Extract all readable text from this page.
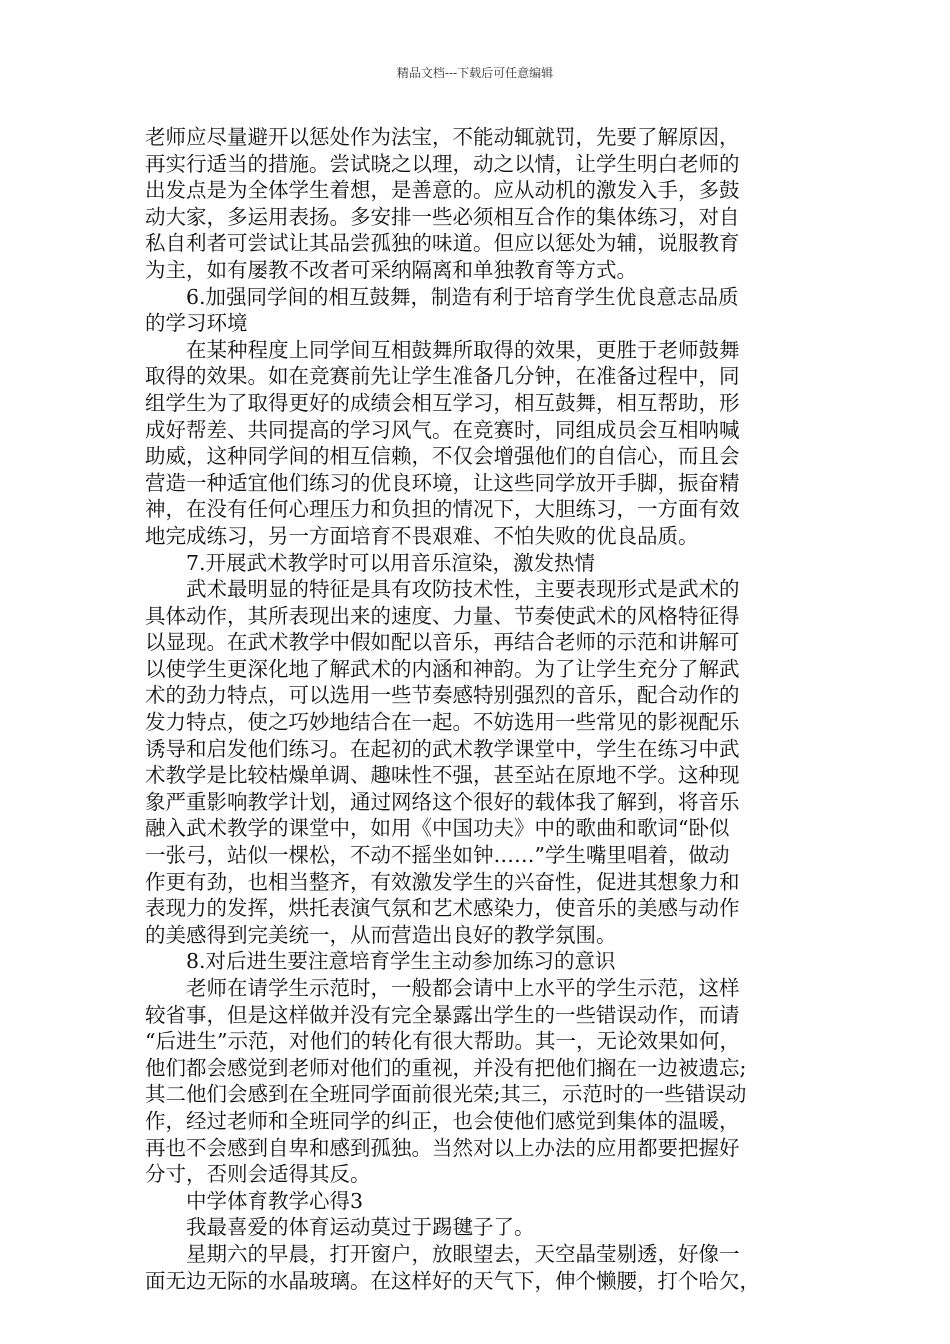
精品文档---下载后可任意编辑

老师应尽量避开以惩处作为法宝，不能动辄就罚，先要了解原因，
再实行适当的措施。尝试晓之以理，动之以情，让学生明白老师的
出发点是为全体学生着想，是善意的。应从动机的激发入手，多鼓
动大家，多运用表扬。多安排一些必须相互合作的集体练习，对自
私自利者可尝试让其品尝孤独的味道。但应以惩处为辅，说服教育
为主，如有屡教不改者可采纳隔离和单独教育等方式。

6.加强同学间的相互鼓舞，制造有利于培育学生优良意志品质
的学习环境

在某种程度上同学间互相鼓舞所取得的效果，更胜于老师鼓舞
取得的效果。如在竞赛前先让学生准备几分钟，在准备过程中，同
组学生为了取得更好的成绩会相互学习，相互鼓舞，相互帮助，形
成好帮差、共同提高的学习风气。在竞赛时，同组成员会互相呐喊
助威，这种同学间的相互信赖，不仅会增强他们的自信心，而且会
营造一种适宜他们练习的优良环境，让这些同学放开手脚，振奋精
神，在没有任何心理压力和负担的情况下，大胆练习，一方面有效
地完成练习，另一方面培育不畏艰难、不怕失败的优良品质。

7.开展武术教学时可以用音乐渲染，激发热情

武术最明显的特征是具有攻防技术性，主要表现形式是武术的
具体动作，其所表现出来的速度、力量、节奏使武术的风格特征得
以显现。在武术教学中假如配以音乐，再结合老师的示范和讲解可
以使学生更深化地了解武术的内涵和神韵。为了让学生充分了解武
术的劲力特点，可以选用一些节奏感特别强烈的音乐，配合动作的
发力特点，使之巧妙地结合在一起。不妨选用一些常见的影视配乐
诱导和启发他们练习。在起初的武术教学课堂中，学生在练习中武
术教学是比较枯燥单调、趣味性不强，甚至站在原地不学。这种现
象严重影响教学计划，通过网络这个很好的载体我了解到，将音乐
融入武术教学的课堂中，如用《中国功夫》中的歌曲和歌词“卧似
一张弓，站似一棵松，不动不摇坐如钟……”学生嘴里唱着，做动
作更有劲，也相当整齐，有效激发学生的兴奋性，促进其想象力和
表现力的发挥，烘托表演气氛和艺术感染力，使音乐的美感与动作
的美感得到完美统一，从而营造出良好的教学氛围。

8.对后进生要注意培育学生主动参加练习的意识

老师在请学生示范时，一般都会请中上水平的学生示范，这样
较省事，但是这样做并没有完全暴露出学生的一些错误动作，而请
“后进生”示范，对他们的转化有很大帮助。其一，无论效果如何，
他们都会感觉到老师对他们的重视，并没有把他们搁在一边被遗忘;
其二他们会感到在全班同学面前很光荣;其三，示范时的一些错误动
作，经过老师和全班同学的纠正，也会使他们感觉到集体的温暖，
再也不会感到自卑和感到孤独。当然对以上办法的应用都要把握好
分寸，否则会适得其反。

中学体育教学心得3

我最喜爱的体育运动莫过于踢毽子了。

星期六的早晨，打开窗户，放眼望去，天空晶莹剔透，好像一
面无边无际的水晶玻璃。在这样好的天气下，伸个懒腰，打个哈欠，
